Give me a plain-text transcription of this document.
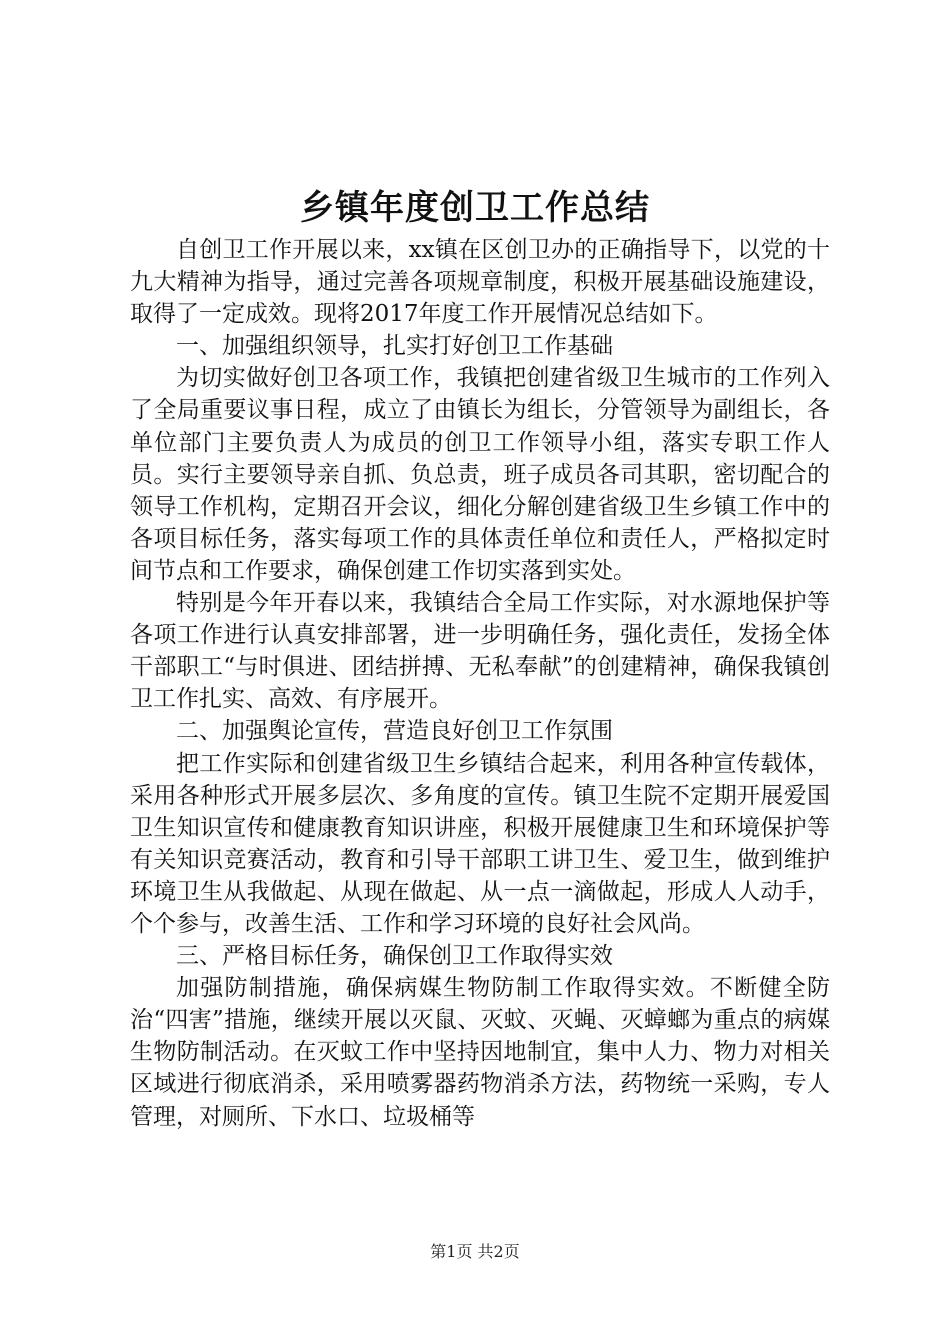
乡镇年度创卫工作总结

自创卫工作开展以来，xx镇在区创卫办的正确指导下，以党的十九大精神为指导，通过完善各项规章制度，积极开展基础设施建设，取得了一定成效。现将2017年度工作开展情况总结如下。

一、加强组织领导，扎实打好创卫工作基础

为切实做好创卫各项工作，我镇把创建省级卫生城市的工作列入了全局重要议事日程，成立了由镇长为组长，分管领导为副组长，各单位部门主要负责人为成员的创卫工作领导小组，落实专职工作人员。实行主要领导亲自抓、负总责，班子成员各司其职，密切配合的领导工作机构，定期召开会议，细化分解创建省级卫生乡镇工作中的各项目标任务，落实每项工作的具体责任单位和责任人，严格拟定时间节点和工作要求，确保创建工作切实落到实处。

特别是今年开春以来，我镇结合全局工作实际，对水源地保护等各项工作进行认真安排部署，进一步明确任务，强化责任，发扬全体干部职工“与时俱进、团结拼搏、无私奉献”的创建精神，确保我镇创卫工作扎实、高效、有序展开。

二、加强舆论宣传，营造良好创卫工作氛围

把工作实际和创建省级卫生乡镇结合起来，利用各种宣传载体，采用各种形式开展多层次、多角度的宣传。镇卫生院不定期开展爱国卫生知识宣传和健康教育知识讲座，积极开展健康卫生和环境保护等有关知识竞赛活动，教育和引导干部职工讲卫生、爱卫生，做到维护环境卫生从我做起、从现在做起、从一点一滴做起，形成人人动手，个个参与，改善生活、工作和学习环境的良好社会风尚。

三、严格目标任务，确保创卫工作取得实效

加强防制措施，确保病媒生物防制工作取得实效。不断健全防治“四害”措施，继续开展以灭鼠、灭蚊、灭蝇、灭蟑螂为重点的病媒生物防制活动。在灭蚊工作中坚持因地制宜，集中人力、物力对相关区域进行彻底消杀，采用喷雾器药物消杀方法，药物统一采购，专人管理，对厕所、下水口、垃圾桶等

第1页 共2页
